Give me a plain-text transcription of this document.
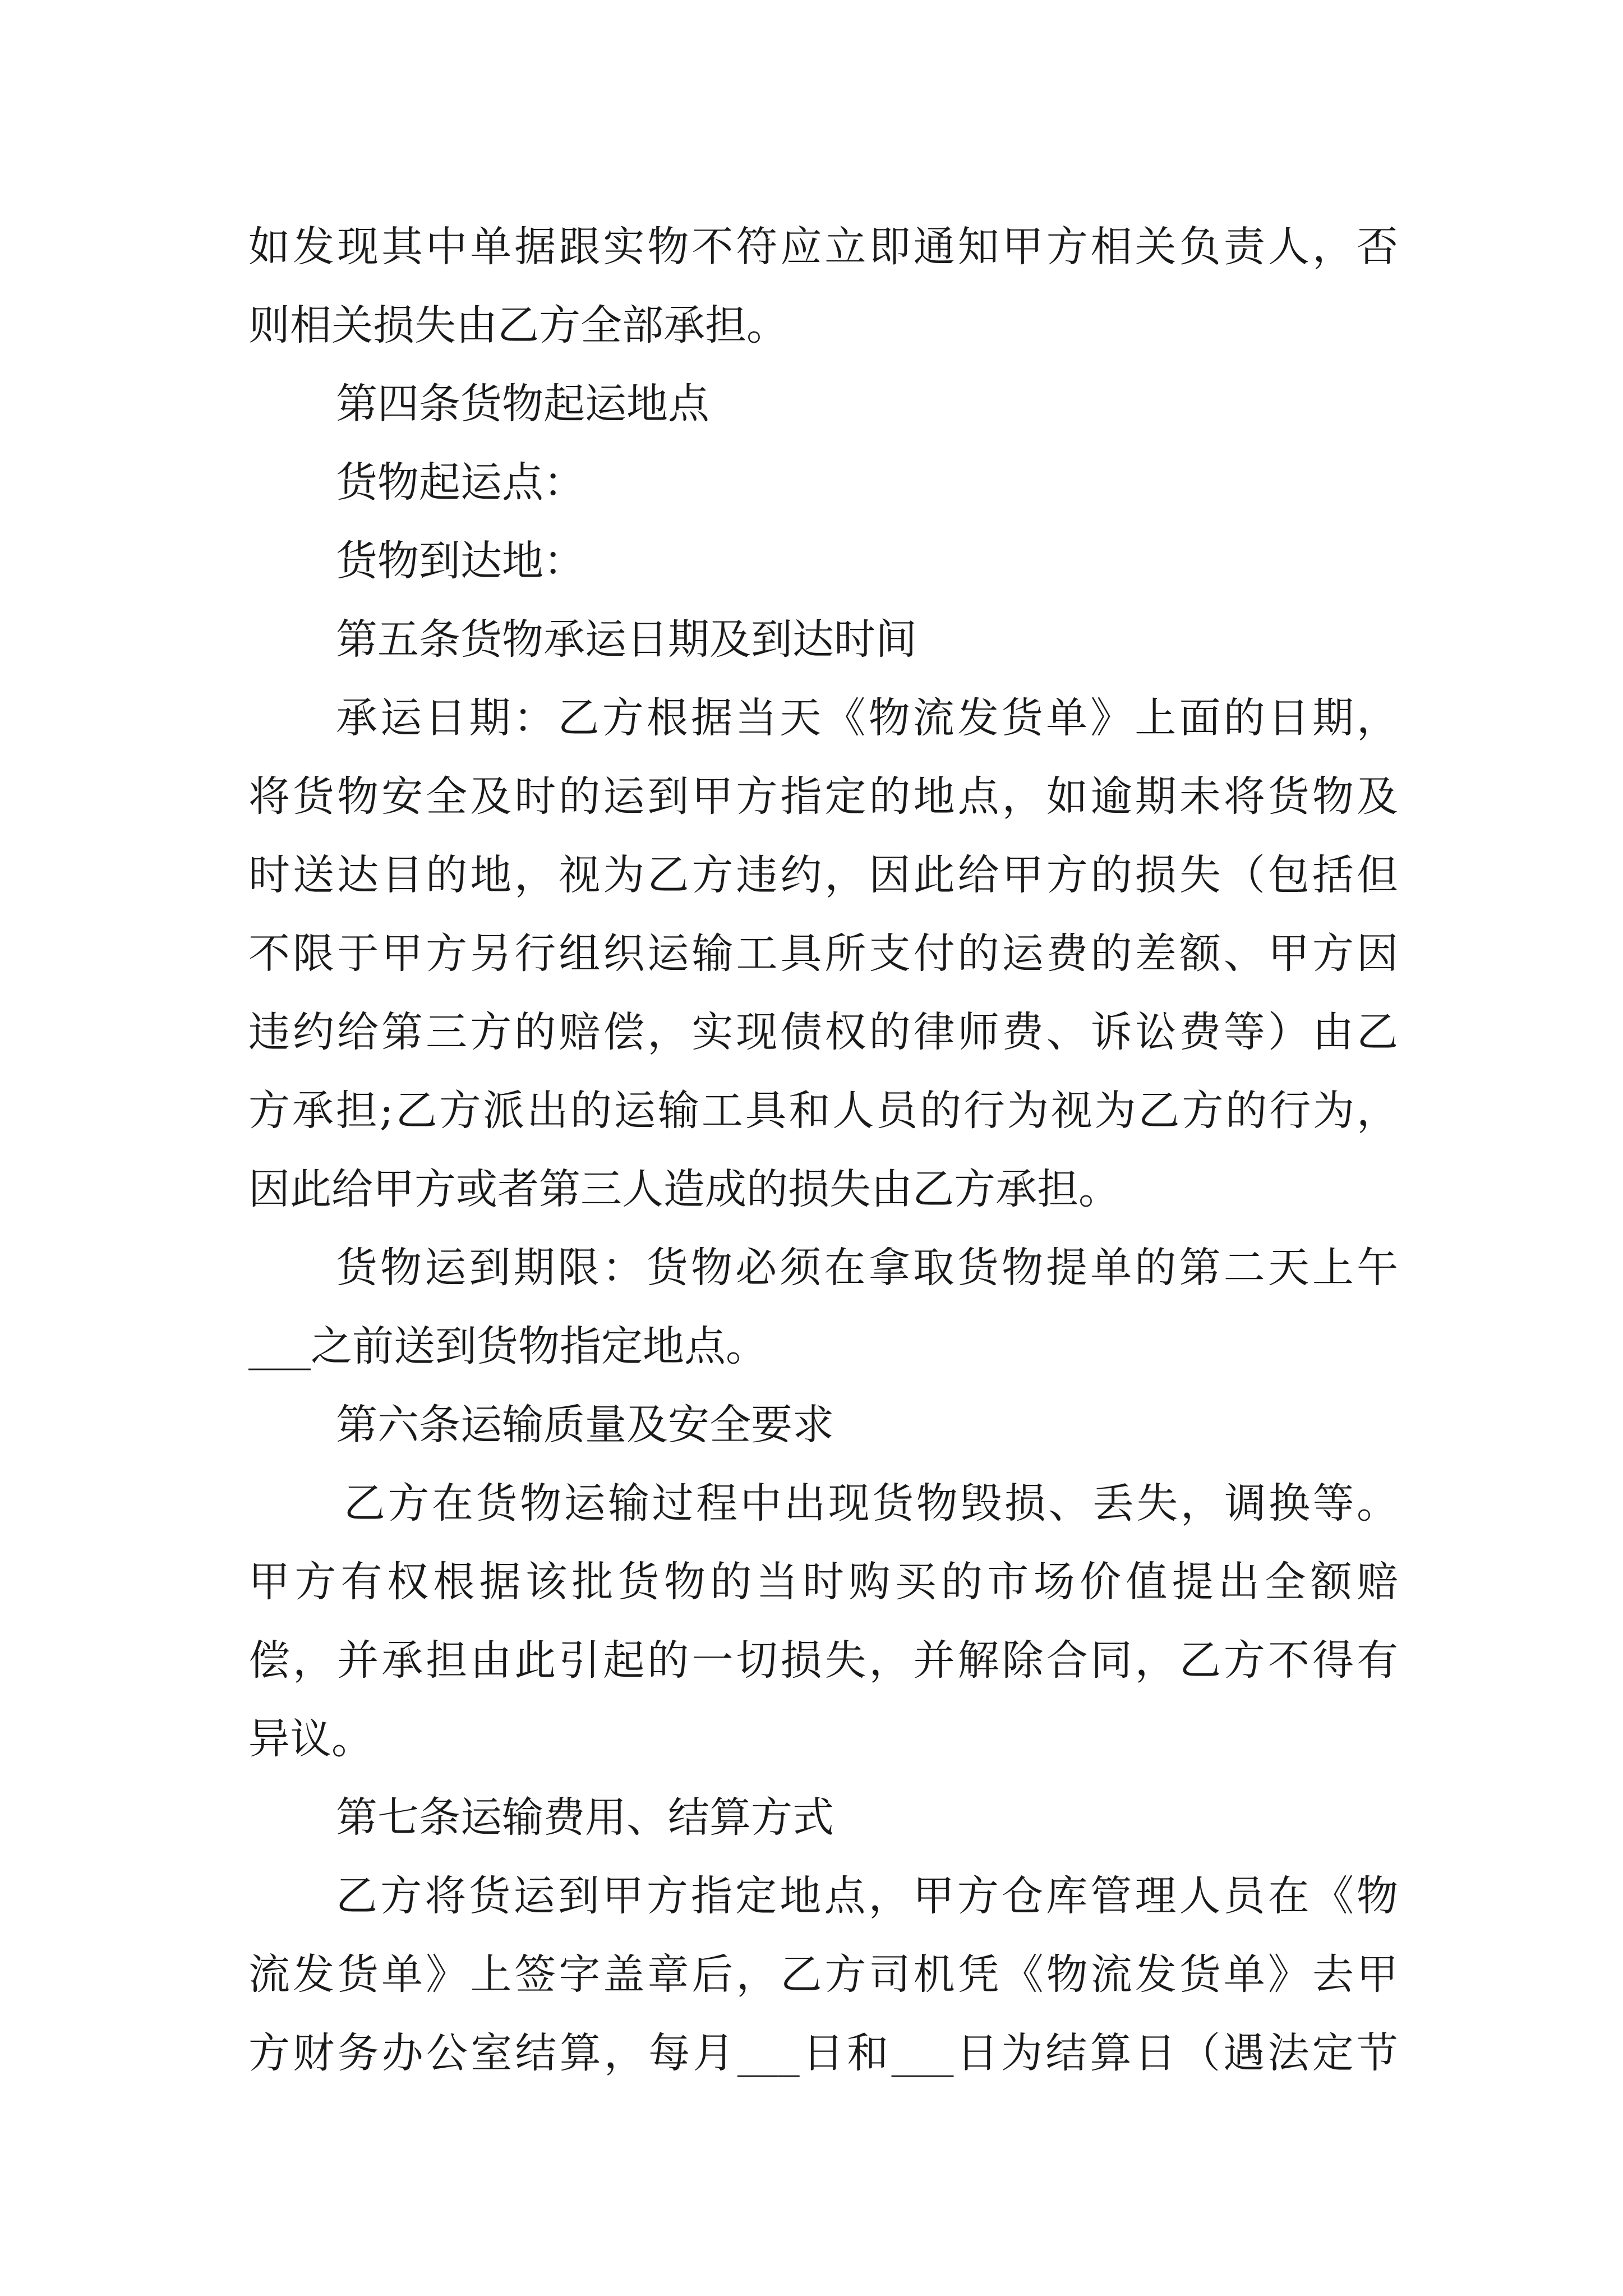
如发现其中单据跟实物不符应立即通知甲方相关负责人，否
则相关损失由乙方全部承担。
第四条货物起运地点
货物起运点：
货物到达地：
第五条货物承运日期及到达时间
承运日期：乙方根据当天《物流发货单》上面的日期，
将货物安全及时的运到甲方指定的地点，如逾期未将货物及
时送达目的地，视为乙方违约，因此给甲方的损失（包括但
不限于甲方另行组织运输工具所支付的运费的差额、甲方因
违约给第三方的赔偿，实现债权的律师费、诉讼费等）由乙
方承担;乙方派出的运输工具和人员的行为视为乙方的行为，
因此给甲方或者第三人造成的损失由乙方承担。
货物运到期限：货物必须在拿取货物提单的第二天上午
___之前送到货物指定地点。
第六条运输质量及安全要求
乙方在货物运输过程中出现货物毁损、丢失，调换等。
甲方有权根据该批货物的当时购买的市场价值提出全额赔
偿，并承担由此引起的一切损失，并解除合同，乙方不得有
异议。
第七条运输费用、结算方式
乙方将货运到甲方指定地点，甲方仓库管理人员在《物
流发货单》上签字盖章后，乙方司机凭《物流发货单》去甲
方财务办公室结算，每月___日和___日为结算日（遇法定节
